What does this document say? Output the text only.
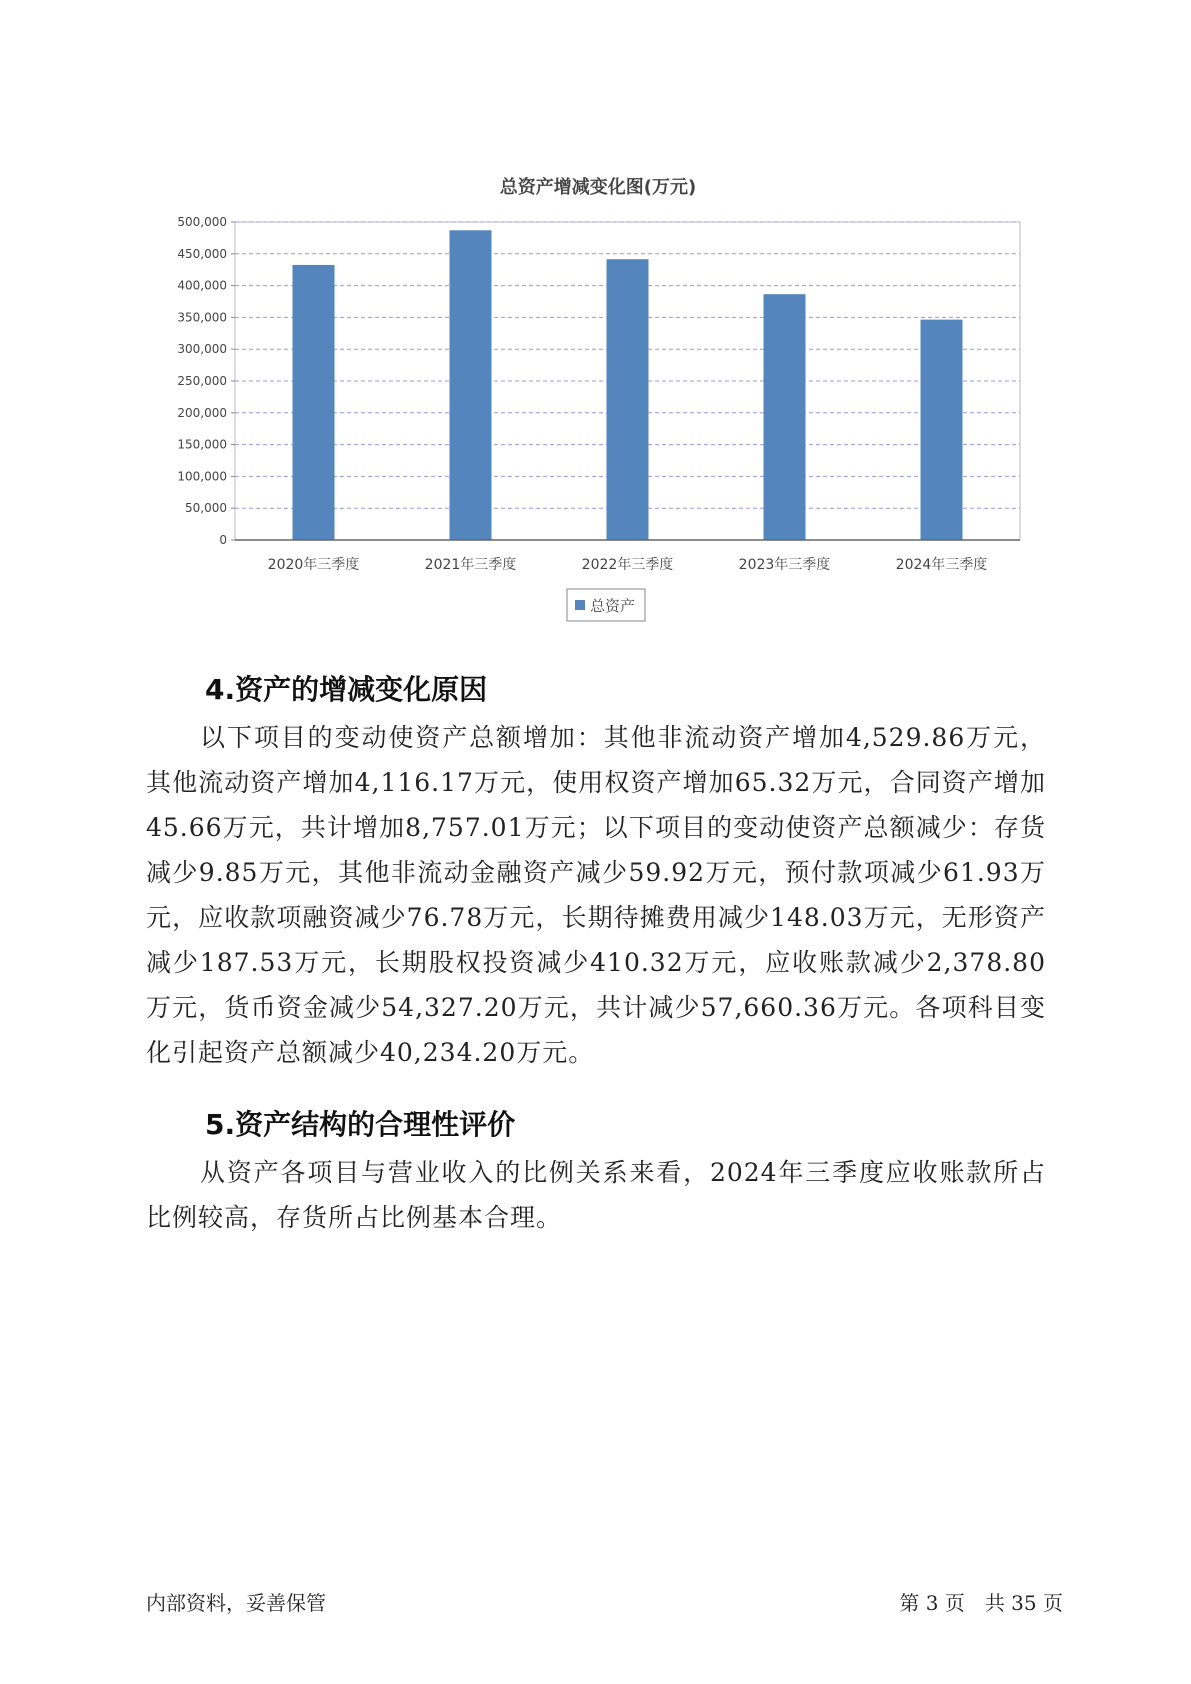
总资产增减变化图(万元)
0
50,000
100,000
150,000
200,000
250,000
300,000
350,000
400,000
450,000
500,000
2020年三季度	2021年三季度	2022年三季度	2023年三季度	2024年三季度
总资产
4.资产的增减变化原因

以下项目的变动使资产总额增加：其他非流动资产增加4,529.86万元，其他流动资产增加4,116.17万元，使用权资产增加65.32万元，合同资产增加45.66万元，共计增加8,757.01万元；以下项目的变动使资产总额减少：存货减少9.85万元，其他非流动金融资产减少59.92万元，预付款项减少61.93万元，应收款项融资减少76.78万元，长期待摊费用减少148.03万元，无形资产减少187.53万元，长期股权投资减少410.32万元，应收账款减少2,378.80万元，货币资金减少54,327.20万元，共计减少57,660.36万元。各项科目变化引起资产总额减少40,234.20万元。

5.资产结构的合理性评价

从资产各项目与营业收入的比例关系来看，2024年三季度应收账款所占比例较高，存货所占比例基本合理。

内部资料，妥善保管	第 3 页　共 35 页
